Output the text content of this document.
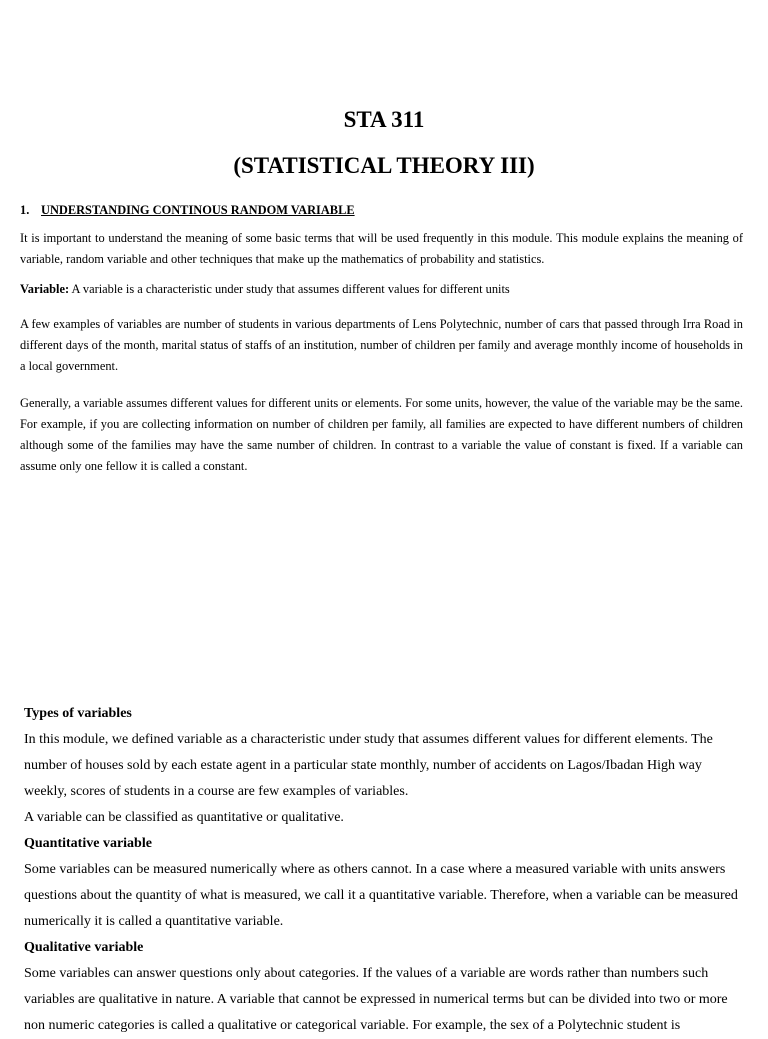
STA 311
(STATISTICAL THEORY III)
1. UNDERSTANDING CONTINOUS RANDOM VARIABLE

It is important to understand the meaning of some basic terms that will be used frequently in this module. This module explains the meaning of variable, random variable and other techniques that make up the mathematics of probability and statistics.

Variable: A variable is a characteristic under study that assumes different values for different units

A few examples of variables are number of students in various departments of Lens Polytechnic, number of cars that passed through Irra Road in different days of the month, marital status of staffs of an institution, number of children per family and average monthly income of households in a local government.

Generally, a variable assumes different values for different units or elements. For some units, however, the value of the variable may be the same. For example, if you are collecting information on number of children per family, all families are expected to have different numbers of children although some of the families may have the same number of children. In contrast to a variable the value of constant is fixed. If a variable can assume only one fellow it is called a constant.

Types of variables

In this module, we defined variable as a characteristic under study that assumes different values for different elements. The number of houses sold by each estate agent in a particular state monthly, number of accidents on Lagos/Ibadan High way weekly, scores of students in a course are few examples of variables.

A variable can be classified as quantitative or qualitative.

Quantitative variable

Some variables can be measured numerically where as others cannot. In a case where a measured variable with units answers questions about the quantity of what is measured, we call it a quantitative variable. Therefore, when a variable can be measured numerically it is called a quantitative variable.

Qualitative variable

Some variables can answer questions only about categories. If the values of a variable are words rather than numbers such variables are qualitative in nature. A variable that cannot be expressed in numerical terms but can be divided into two or more non numeric categories is called a qualitative or categorical variable. For example, the sex of a Polytechnic student is
